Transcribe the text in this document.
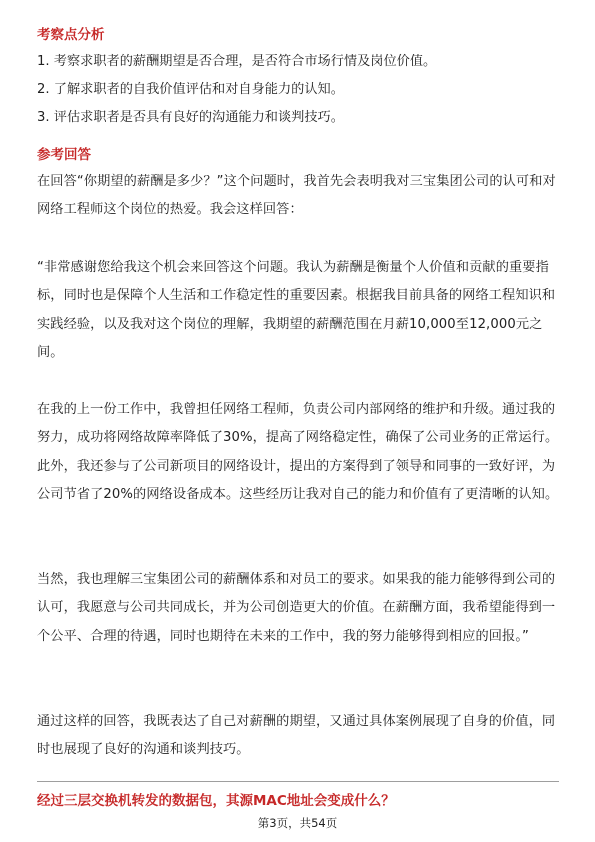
考察点分析
1. 考察求职者的薪酬期望是否合理，是否符合市场行情及岗位价值。
2. 了解求职者的自我价值评估和对自身能力的认知。
3. 评估求职者是否具有良好的沟通能力和谈判技巧。
参考回答
在回答“你期望的薪酬是多少？”这个问题时，我首先会表明我对三宝集团公司的认可和对网络工程师这个岗位的热爱。我会这样回答：
“非常感谢您给我这个机会来回答这个问题。我认为薪酬是衡量个人价值和贡献的重要指标，同时也是保障个人生活和工作稳定性的重要因素。根据我目前具备的网络工程知识和实践经验，以及我对这个岗位的理解，我期望的薪酬范围在月薪10,000至12,000元之间。
在我的上一份工作中，我曾担任网络工程师，负责公司内部网络的维护和升级。通过我的努力，成功将网络故障率降低了30%，提高了网络稳定性，确保了公司业务的正常运行。此外，我还参与了公司新项目的网络设计，提出的方案得到了领导和同事的一致好评，为公司节省了20%的网络设备成本。这些经历让我对自己的能力和价值有了更清晰的认知。
当然，我也理解三宝集团公司的薪酬体系和对员工的要求。如果我的能力能够得到公司的认可，我愿意与公司共同成长，并为公司创造更大的价值。在薪酬方面，我希望能得到一个公平、合理的待遇，同时也期待在未来的工作中，我的努力能够得到相应的回报。”
通过这样的回答，我既表达了自己对薪酬的期望，又通过具体案例展现了自身的价值，同时也展现了良好的沟通和谈判技巧。
经过三层交换机转发的数据包，其源MAC地址会变成什么？
第3页，共54页
